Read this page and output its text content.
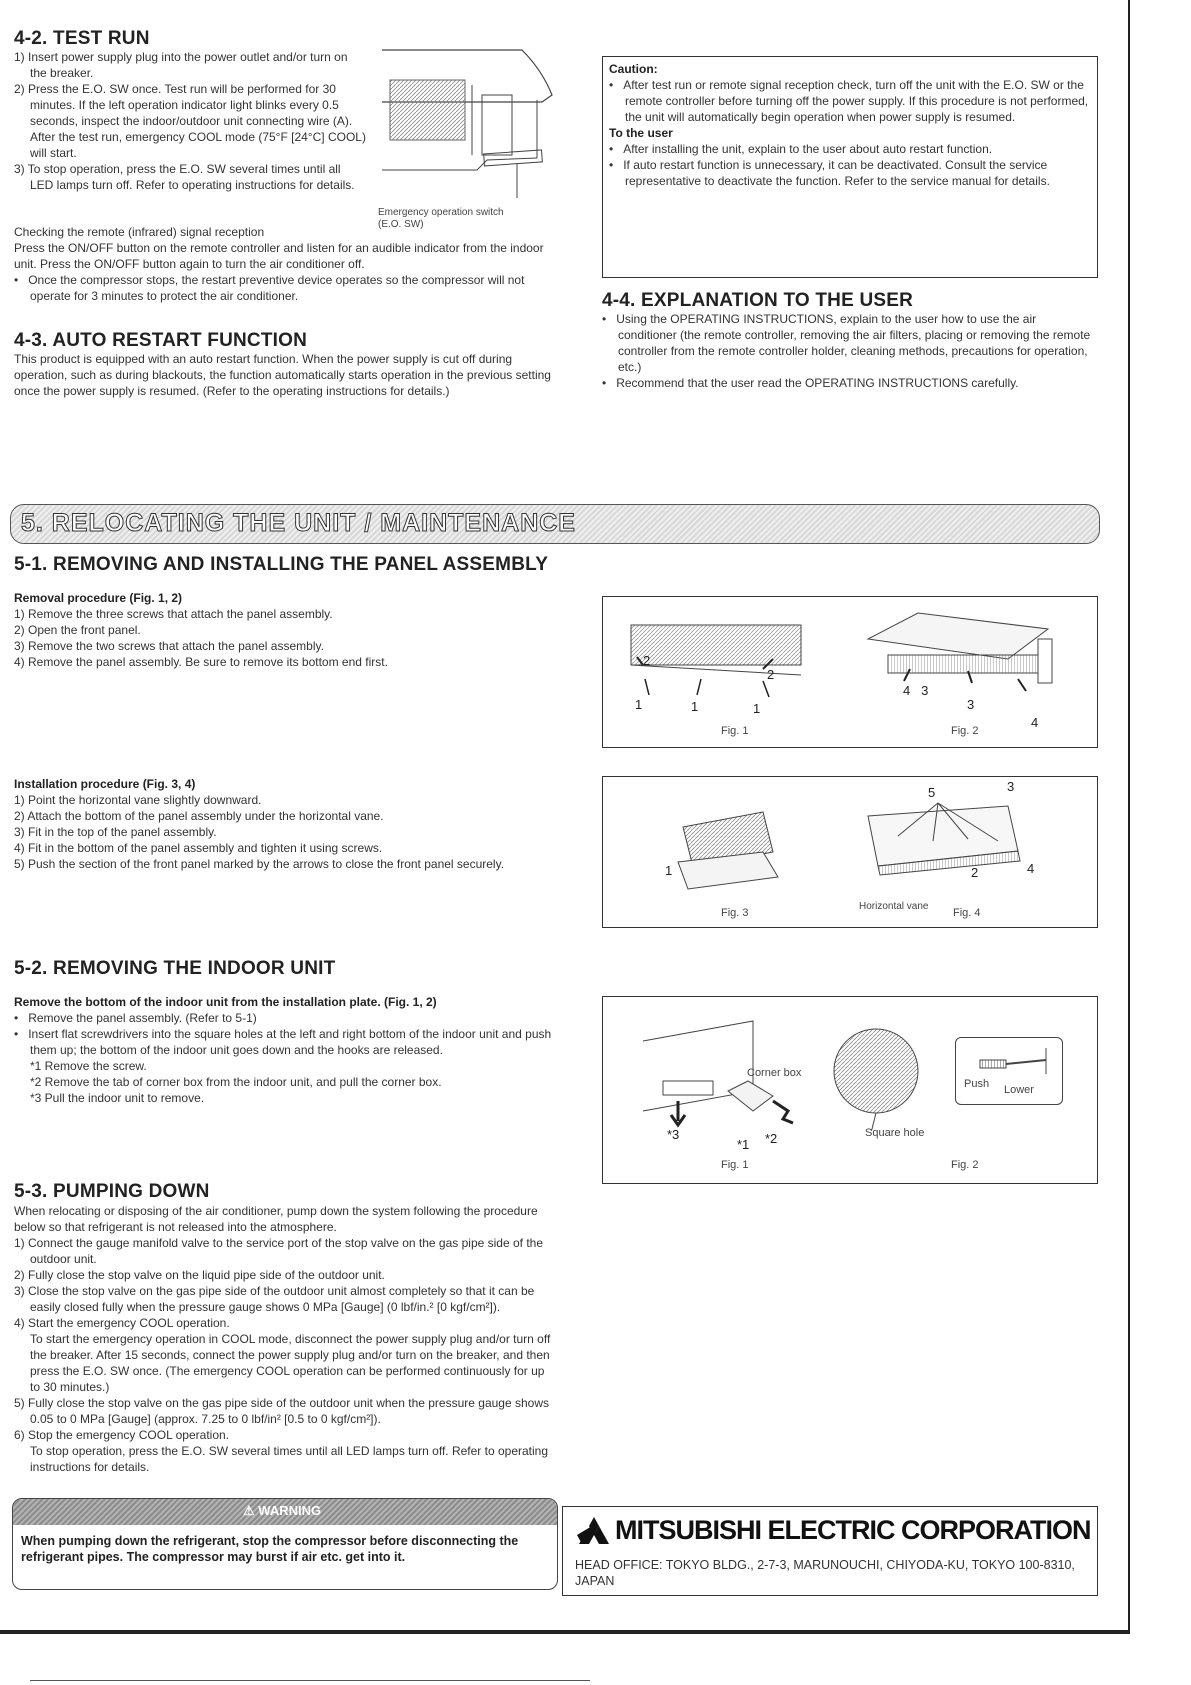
4-2. TEST RUN

1) Insert power supply plug into the power outlet and/or turn on the breaker.

2) Press the E.O. SW once. Test run will be performed for 30 minutes. If the left operation indicator light blinks every 0.5 seconds, inspect the indoor/outdoor unit connecting wire (A). After the test run, emergency COOL mode (75°F [24°C] COOL) will start.

3) To stop operation, press the E.O. SW several times until all LED lamps turn off. Refer to operating instructions for details.

Emergency operation switch
(E.O. SW)

Checking the remote (infrared) signal reception

Press the ON/OFF button on the remote controller and listen for an audible indicator from the indoor unit. Press the ON/OFF button again to turn the air conditioner off.

•   Once the compressor stops, the restart preventive device operates so the compressor will not operate for 3 minutes to protect the air conditioner.

4-3. AUTO RESTART FUNCTION
This product is equipped with an auto restart function. When the power supply is cut off during operation, such as during blackouts, the function automatically starts operation in the previous setting once the power supply is resumed. (Refer to the operating instructions for details.)

Caution:

•   After test run or remote signal reception check, turn off the unit with the E.O. SW or the remote controller before turning off the power supply. If this procedure is not performed, the unit will automatically begin operation when power supply is resumed.

To the user

•   After installing the unit, explain to the user about auto restart function.

•   If auto restart function is unnecessary, it can be deactivated. Consult the service representative to deactivate the function. Refer to the service manual for details.

4-4. EXPLANATION TO THE USER

•   Using the OPERATING INSTRUCTIONS, explain to the user how to use the air conditioner (the remote controller, removing the air filters, placing or removing the remote controller from the remote controller holder, cleaning methods, precautions for operation, etc.)

•   Recommend that the user read the OPERATING INSTRUCTIONS carefully.

5. RELOCATING THE UNIT / MAINTENANCE
5-1. REMOVING AND INSTALLING THE PANEL ASSEMBLY

Removal procedure (Fig. 1, 2)

1) Remove the three screws that attach the panel assembly.

2) Open the front panel.

3) Remove the two screws that attach the panel assembly.

4) Remove the panel assembly. Be sure to remove its bottom end first.	2
2
1	1	1
4   3
3
4
Fig. 1	Fig. 2

Installation procedure (Fig. 3, 4)

1) Point the horizontal vane slightly downward.

2) Attach the bottom of the panel assembly under the horizontal vane.

3) Fit in the top of the panel assembly.

4) Fit in the bottom of the panel assembly and tighten it using screws.

5) Push the section of the front panel marked by the arrows to close the front panel securely.	1
5	3
2	4
Fig. 3
Horizontal vane
Fig. 4
5-2. REMOVING THE INDOOR UNIT

Remove the bottom of the indoor unit from the installation plate. (Fig. 1, 2)

•   Remove the panel assembly. (Refer to 5-1)

•   Insert flat screwdrivers into the square holes at the left and right bottom of the indoor unit and push them up; the bottom of the indoor unit goes down and the hooks are released.

*1 Remove the screw.

*2 Remove the tab of corner box from the indoor unit, and pull the corner box.

*3 Pull the indoor unit to remove.

Corner box
*3
*1 *2	Square hole
Push Lower
Fig. 1	Fig. 2
5-3. PUMPING DOWN

When relocating or disposing of the air conditioner, pump down the system following the procedure below so that refrigerant is not released into the atmosphere.

1) Connect the gauge manifold valve to the service port of the stop valve on the gas pipe side of the outdoor unit.

2) Fully close the stop valve on the liquid pipe side of the outdoor unit.

3) Close the stop valve on the gas pipe side of the outdoor unit almost completely so that it can be easily closed fully when the pressure gauge shows 0 MPa [Gauge] (0 lbf/in.² [0 kgf/cm²]).

4) Start the emergency COOL operation.

To start the emergency operation in COOL mode, disconnect the power supply plug and/or turn off the breaker. After 15 seconds, connect the power supply plug and/or turn on the breaker, and then press the E.O. SW once. (The emergency COOL operation can be performed continuously for up to 30 minutes.)

5) Fully close the stop valve on the gas pipe side of the outdoor unit when the pressure gauge shows 0.05 to 0 MPa [Gauge] (approx. 7.25 to 0 lbf/in² [0.5 to 0 kgf/cm²]).

6) Stop the emergency COOL operation.

To stop operation, press the E.O. SW several times until all LED lamps turn off. Refer to operating instructions for details.

⚠ WARNING
When pumping down the refrigerant, stop the compressor before disconnecting the refrigerant pipes. The compressor may burst if air etc. get into it.
MITSUBISHI ELECTRIC CORPORATION
HEAD OFFICE: TOKYO BLDG., 2-7-3, MARUNOUCHI, CHIYODA-KU, TOKYO 100-8310, JAPAN
